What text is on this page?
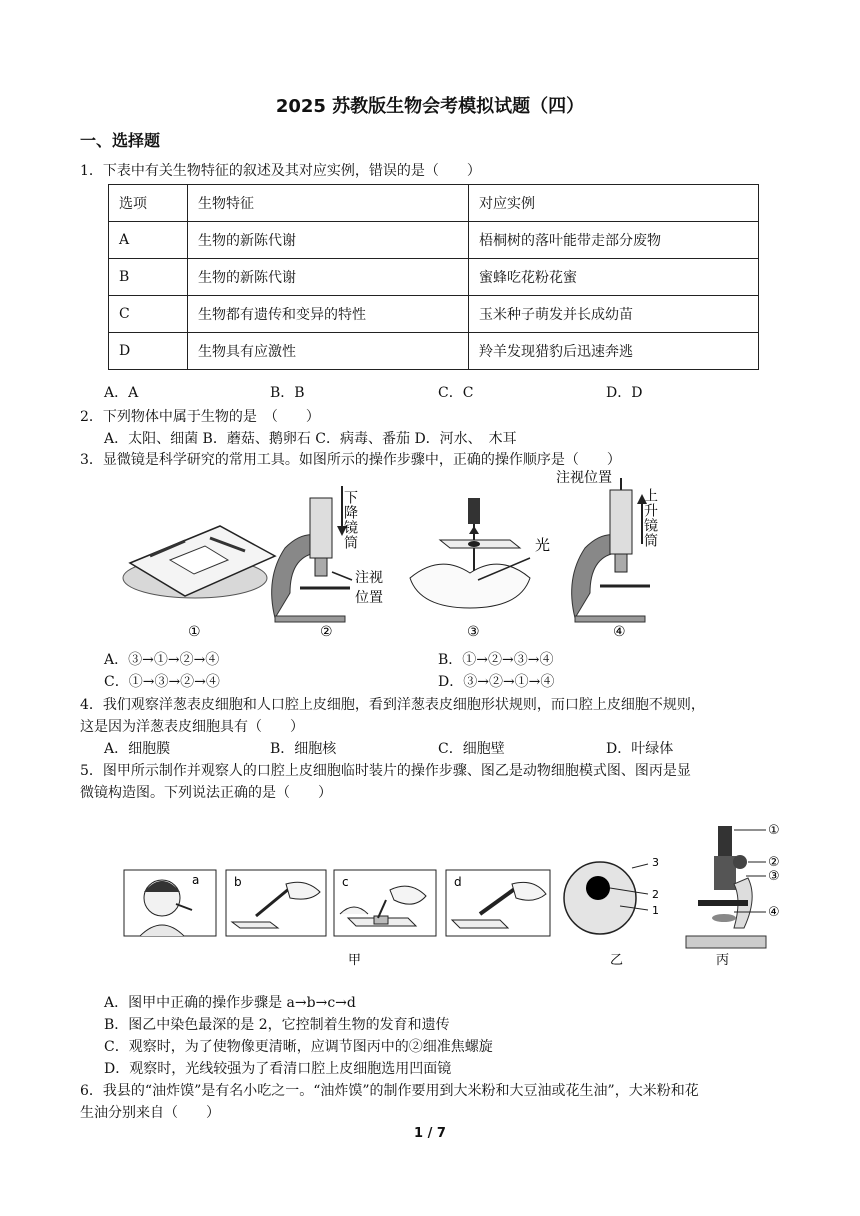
2025 苏教版生物会考模拟试题（四）
一、选择题
1．下表中有关生物特征的叙述及其对应实例，错误的是（　　）
选项	生物特征	对应实例
A	生物的新陈代谢	梧桐树的落叶能带走部分废物
B	生物的新陈代谢	蜜蜂吃花粉花蜜
C	生物都有遗传和变异的特性	玉米种子萌发并长成幼苗
D	生物具有应激性	羚羊发现猎豹后迅速奔逃
A．A	B．B	C．C	D．D
2．下列物体中属于生物的是　（　　）
A．太阳、细菌 B．蘑菇、鹅卵石 C．病毒、番茄 D．河水、　木耳
3．显微镜是科学研究的常用工具。如图所示的操作步骤中，正确的操作顺序是（　　）
下降镜筒
注视 位置
光
注视位置
上升镜筒
①	②	③	④
A．③→①→②→④	B．①→②→③→④
C．①→③→②→④	D．③→②→①→④
4．我们观察洋葱表皮细胞和人口腔上皮细胞，看到洋葱表皮细胞形状规则，而口腔上皮细胞不规则，
这是因为洋葱表皮细胞具有（　　）
A．细胞膜	B．细胞核	C．细胞壁	D．叶绿体
5．图甲所示制作并观察人的口腔上皮细胞临时装片的操作步骤、图乙是动物细胞模式图、图丙是显
微镜构造图。下列说法正确的是（　　）
a	b	c	d
3
2
1
①
②
③
④
甲	乙	丙
A．图甲中正确的操作步骤是 a→b→c→d
B．图乙中染色最深的是 2，它控制着生物的发育和遗传
C．观察时，为了使物像更清晰，应调节图丙中的②细准焦螺旋
D．观察时，光线较强为了看清口腔上皮细胞选用凹面镜
6．我县的“油炸馍”是有名小吃之一。“油炸馍”的制作要用到大米粉和大豆油或花生油”，大米粉和花
生油分别来自（　　）
1 / 7
